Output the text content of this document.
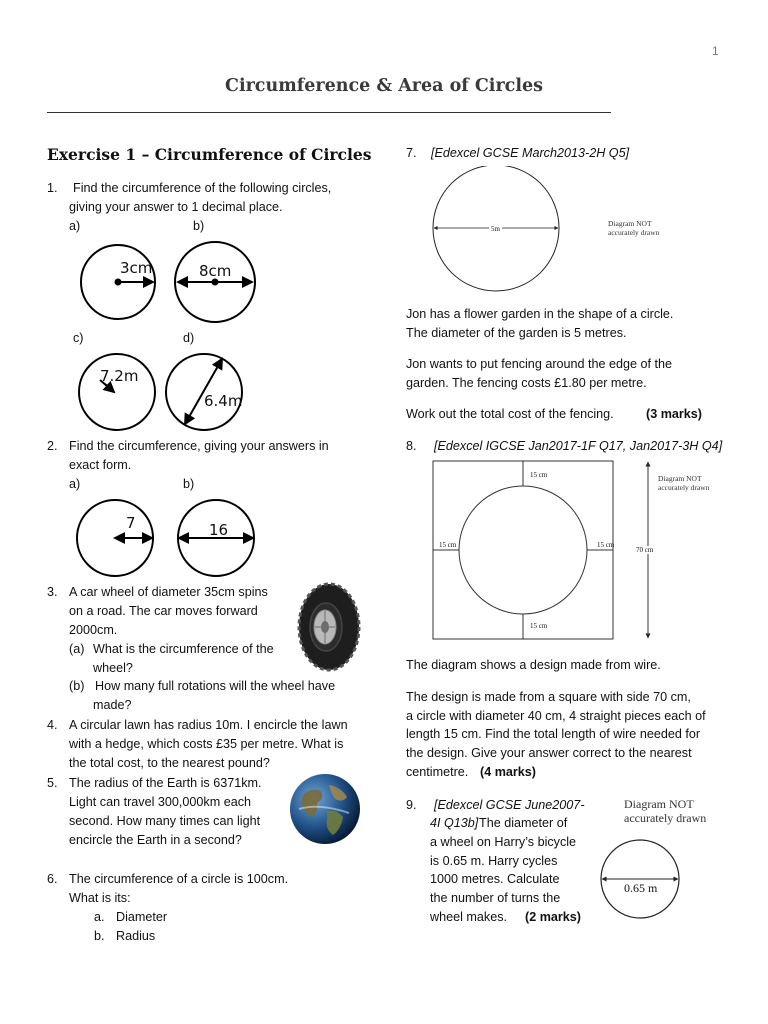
1
Circumference & Area of Circles
Exercise 1 – Circumference of Circles
1. Find the circumference of the following circles,
giving your answer to 1 decimal place.
a)	b)
3cm	8cm
c)	d)
7.2m
6.4m
2. Find the circumference, giving your answers in
exact form.
a)	b)
7	16
3. A car wheel of diameter 35cm spins
on a road. The car moves forward
2000cm.
(a) What is the circumference of the
wheel?
(b) How many full rotations will the wheel have
made?
4. A circular lawn has radius 10m. I encircle the lawn
with a hedge, which costs £35 per metre. What is
the total cost, to the nearest pound?
5. The radius of the Earth is 6371km.
Light can travel 300,000km each
second. How many times can light
encircle the Earth in a second?
6. The circumference of a circle is 100cm.
What is its:
a. Diameter
b. Radius
7. [Edexcel GCSE March2013-2H Q5]
5m
Diagram NOT
accurately drawn
Jon has a flower garden in the shape of a circle.
The diameter of the garden is 5 metres.
Jon wants to put fencing around the edge of the
garden. The fencing costs £1.80 per metre.
Work out the total cost of the fencing.	(3 marks)
8. [Edexcel IGCSE Jan2017-1F Q17, Jan2017-3H Q4]
15 cm
15 cm	15 cm
15 cm
70 cm
Diagram NOT
accurately drawn
The diagram shows a design made from wire.
The design is made from a square with side 70 cm,
a circle with diameter 40 cm, 4 straight pieces each of
length 15 cm. Find the total length of wire needed for
the design. Give your answer correct to the nearest
centimetre. (4 marks)
9. [Edexcel GCSE June2007-
4I Q13b] The diameter of
a wheel on Harry’s bicycle
is 0.65 m. Harry cycles
1000 metres. Calculate
the number of turns the
wheel makes. (2 marks)
Diagram NOT
accurately drawn
0.65 m
